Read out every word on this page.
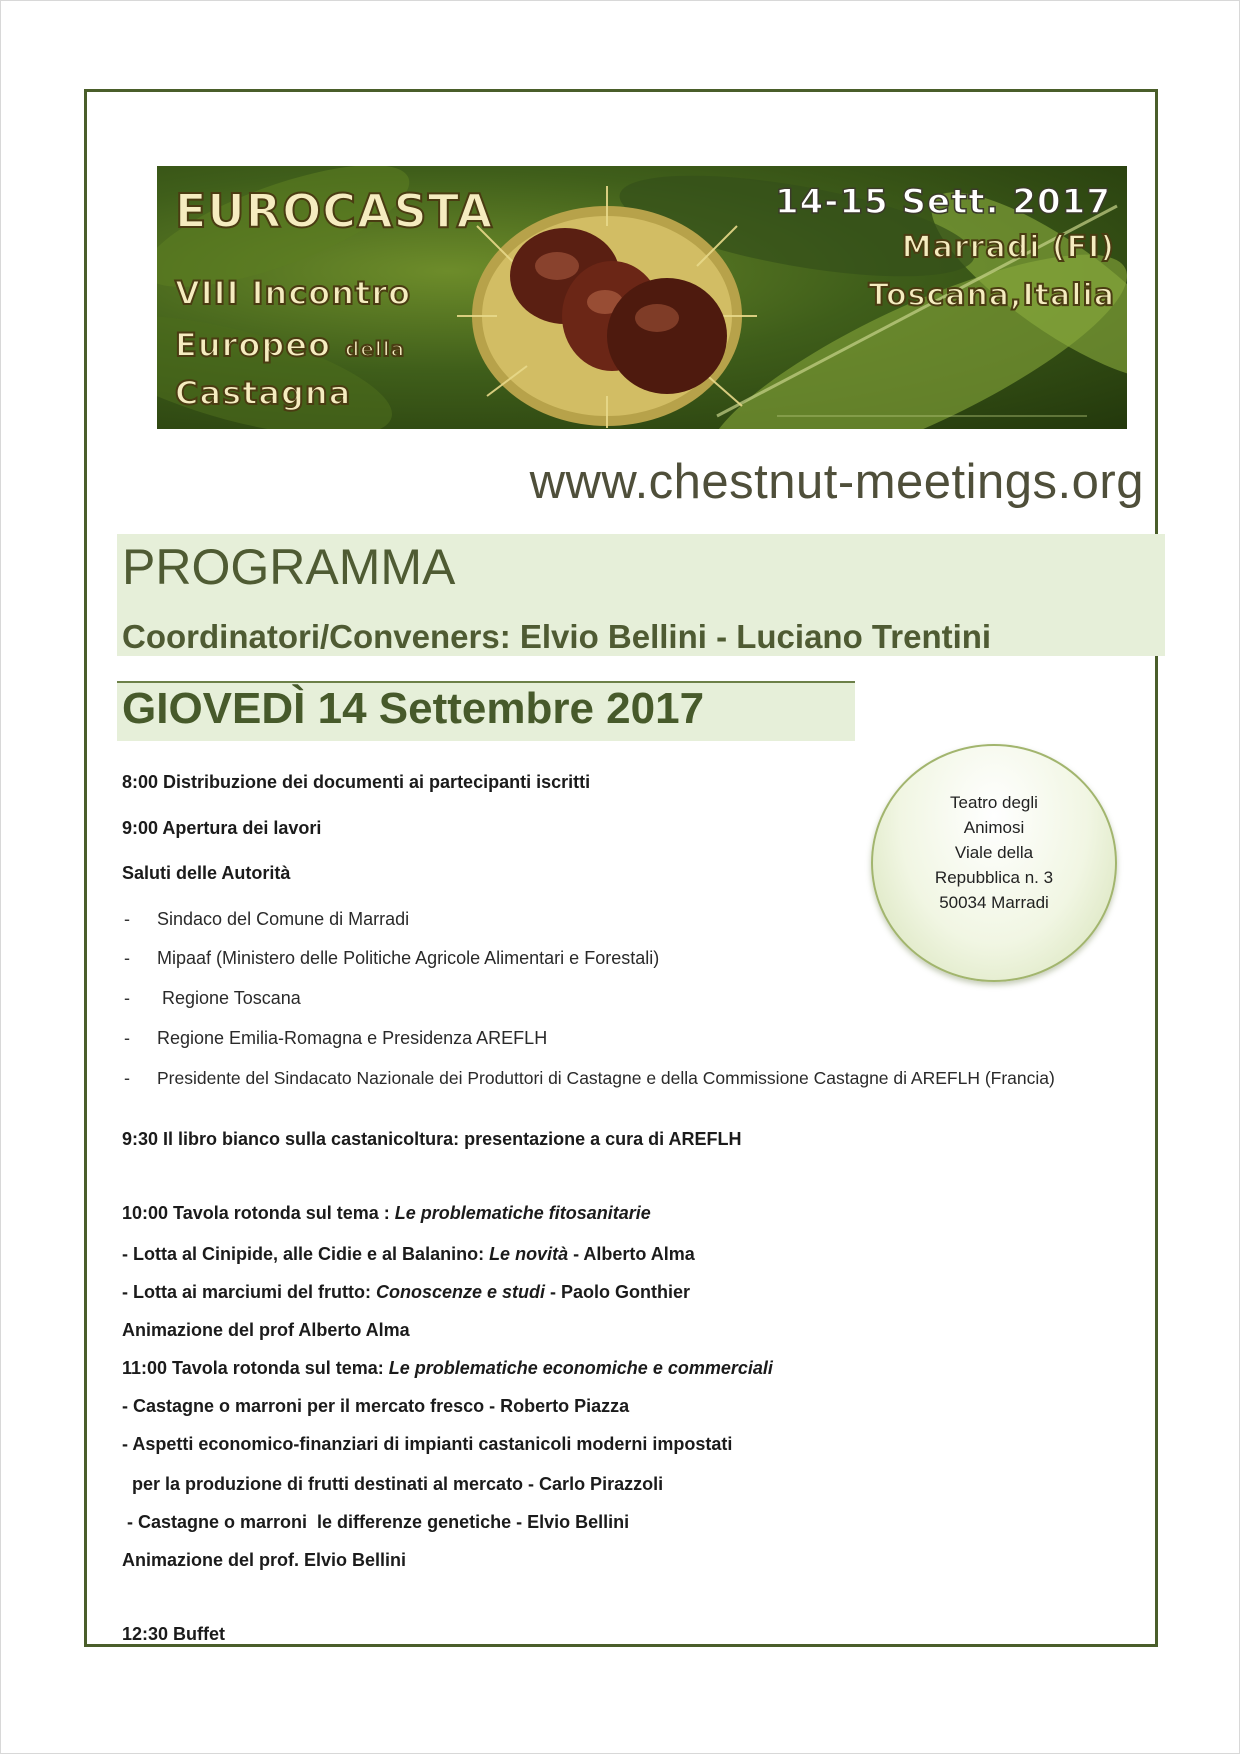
EUROCASTA
VIII Incontro
Europeo della
Castagna
14-15 Sett. 2017
Marradi (FI)
Toscana,Italia
www.chestnut-meetings.org
PROGRAMMA
Coordinatori/Conveners: Elvio Bellini - Luciano Trentini
GIOVEDÌ 14 Settembre 2017
Teatro degli
Animosi
Viale della
Repubblica n. 3
50034 Marradi
8:00 Distribuzione dei documenti ai partecipanti iscritti
9:00 Apertura dei lavori
Saluti delle Autorità
- Sindaco del Comune di Marradi
- Mipaaf (Ministero delle Politiche Agricole Alimentari e Forestali)
- Regione Toscana
- Regione Emilia-Romagna e Presidenza AREFLH
- Presidente del Sindacato Nazionale dei Produttori di Castagne e della Commissione Castagne di AREFLH (Francia)
9:30 Il libro bianco sulla castanicoltura: presentazione a cura di AREFLH
10:00 Tavola rotonda sul tema : Le problematiche fitosanitarie
- Lotta al Cinipide, alle Cidie e al Balanino: Le novità - Alberto Alma
- Lotta ai marciumi del frutto: Conoscenze e studi - Paolo Gonthier
Animazione del prof Alberto Alma
11:00 Tavola rotonda sul tema: Le problematiche economiche e commerciali
- Castagne o marroni per il mercato fresco - Roberto Piazza
- Aspetti economico-finanziari di impianti castanicoli moderni impostati
per la produzione di frutti destinati al mercato - Carlo Pirazzoli
- Castagne o marroni  le differenze genetiche - Elvio Bellini
Animazione del prof. Elvio Bellini
12:30 Buffet
